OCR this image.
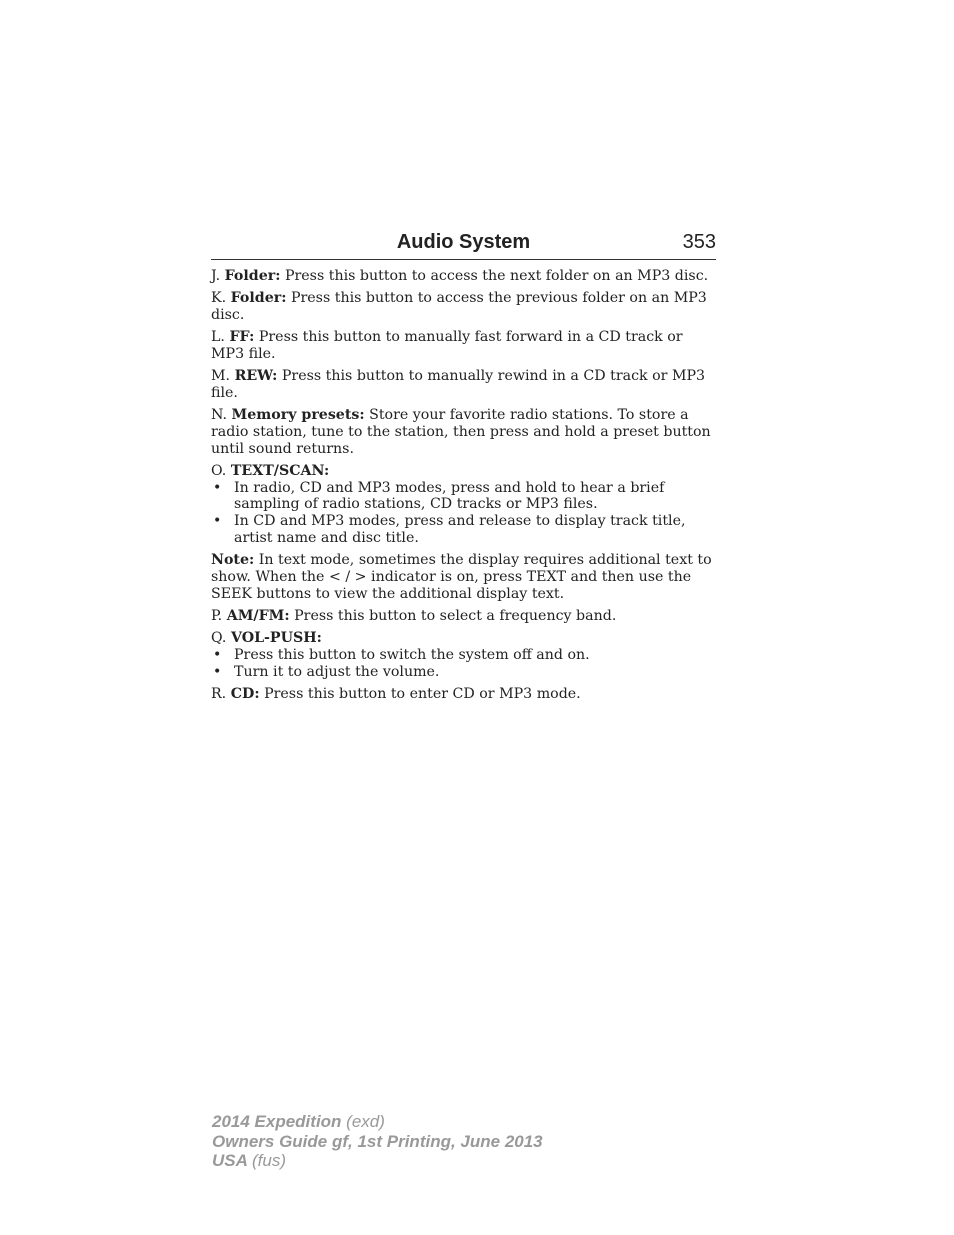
Audio System	353

J. Folder: Press this button to access the next folder on an MP3 disc.

K. Folder: Press this button to access the previous folder on an MP3 disc.

L. FF: Press this button to manually fast forward in a CD track or MP3 file.

M. REW: Press this button to manually rewind in a CD track or MP3 file.

N. Memory presets: Store your favorite radio stations. To store a radio station, tune to the station, then press and hold a preset button until sound returns.

O. TEXT/SCAN:

• In radio, CD and MP3 modes, press and hold to hear a brief sampling of radio stations, CD tracks or MP3 files.
• In CD and MP3 modes, press and release to display track title, artist name and disc title.

Note: In text mode, sometimes the display requires additional text to show. When the < / > indicator is on, press TEXT and then use the SEEK buttons to view the additional display text.

P. AM/FM: Press this button to select a frequency band.

Q. VOL-PUSH:

• Press this button to switch the system off and on.
• Turn it to adjust the volume.

R. CD: Press this button to enter CD or MP3 mode.

2014 Expedition (exd)
Owners Guide gf, 1st Printing, June 2013
USA (fus)
